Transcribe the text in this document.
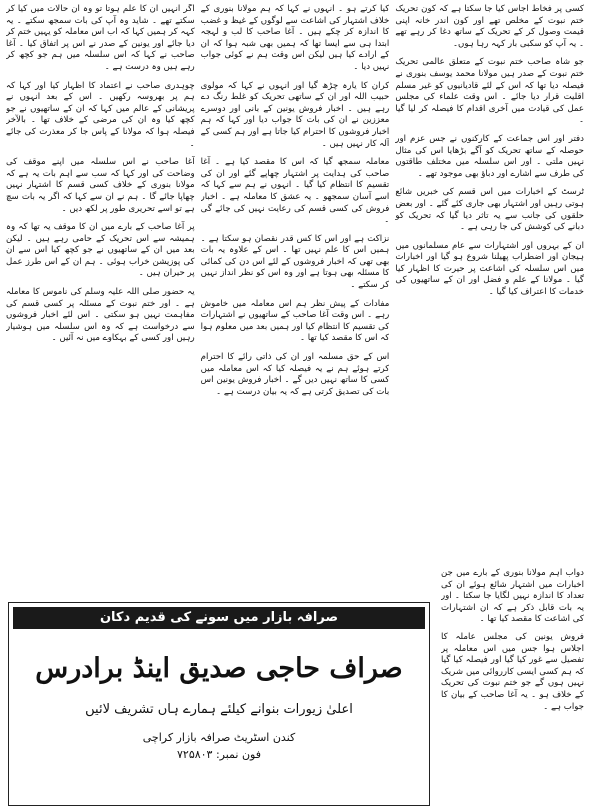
کسی پر فخاط اجاس کیا جا سکتا ہے کہ کون تحریک ختم نبوت کے مخلص تھے اور کون اندر خانہ اپنی قیمت وصول کر کے تحریک کے ساتھ دغا کر رہے تھے ۔ یہ آپ کو سکبی بار کہہ رہا ہوں۔

جو شاہ صاحب ختم نبوت کے متعلق عالمی تحریک ختم نبوت کے صدر ہیں مولانا محمد یوسف بنوری نے فیصلہ دیا تھا کہ اس کے لئے قادیانیوں کو غیر مسلم اقلیت قرار دیا جائے ۔ اس وقت علماء کی مجلس عمل کی قیادت میں آخری اقدام کا فیصلہ کر لیا گیا ۔

دفتر اور اس جماعت کے کارکنوں نے جس عزم اور حوصلہ کے ساتھ تحریک کو آگے بڑھایا اس کی مثال نہیں ملتی ۔ اور اس سلسلہ میں مختلف طاقتوں کی طرف سے اشارے اور دباؤ بھی موجود تھے ۔

ٹرسٹ کے اخبارات میں اس قسم کی خبریں شائع ہوتی رہیں اور اشتہار بھی جاری کئے گئے ۔ اور بعض حلقوں کی جانب سے یہ تاثر دیا گیا کہ تحریک کو دبانے کی کوشش کی جا رہی ہے ۔

ان کے بہروں اور اشتہارات سے عام مسلمانوں میں ہیجان اور اضطراب پھیلنا شروع ہو گیا اور اخبارات میں اس سلسلہ کی اشاعت پر حیرت کا اظہار کیا گیا ۔ مولانا کے علم و فضل اور ان کے ساتھیوں کی خدمات کا اعتراف کیا گیا ۔

کیا کرتے ہو ۔ انہوں نے کہا کہ ہم مولانا بنوری کے خلاف اشتہار کی اشاعت سے لوگوں کے غیظ و غضب کا اندازہ کر چکے ہیں ۔ آغا صاحب کا لب و لہجہ ابتدا ہی سے ایسا تھا کہ ہمیں بھی شبہ ہوا کہ ان کے ارادے کیا ہیں لیکن اس وقت ہم نے کوئی جواب نہیں دیا ۔

کران کا یارہ چڑھ گیا اور انہوں نے کہا کہ مولوی حبیب اللہ اور ان کے ساتھی تحریک کو غلط رنگ دے رہے ہیں ۔ اخبار فروش یونین کے بانی اور دوسرے معززین نے ان کی بات کا جواب دیا اور کہا کہ ہم اخبار فروشوں کا احترام کیا جاتا ہے اور ہم کسی کے آلہ کار نہیں ہیں ۔

معاملہ سمجھ گیا کہ اس کا مقصد کیا ہے ۔ آغا صاحب کی ہدایت پر اشتہار چھاپے گئے اور ان کی تقسیم کا انتظام کیا گیا ۔ انہوں نے ہم سے کہا کہ اسے آسان سمجھو ۔ یہ عشق کا معاملہ ہے ۔ اخبار فروش کی کسی قسم کی رعایت نہیں کی جائے گی ۔

نزاکت ہے اور اس کا کس قدر نقصان ہو سکتا ہے ۔ ہمیں اس کا علم نہیں تھا ۔ اس کے علاوہ یہ بات بھی تھی کہ اخبار فروشوں کے لئے اس دن کی کمائی کا مسئلہ بھی ہوتا ہے اور وہ اس کو نظر انداز نہیں کر سکتے ۔

مفادات کے پیش نظر ہم اس معاملہ میں خاموش رہے ۔ اس وقت آغا صاحب کے ساتھیوں نے اشتہارات کی تقسیم کا انتظام کیا اور ہمیں بعد میں معلوم ہوا کہ اس کا مقصد کیا تھا ۔

اس کے حق مسلمہ اور ان کی ذاتی رائے کا احترام کرتے ہوئے ہم نے یہ فیصلہ کیا کہ اس معاملہ میں کسی کا ساتھ نہیں دیں گے ۔ اخبار فروش یونین اس بات کی تصدیق کرتی ہے کہ یہ بیان درست ہے ۔

اگر انہیں ان کا علم ہوتا تو وہ ان حالات میں کیا کر سکتے تھے ۔ شاید وہ آپ کی بات سمجھ سکتے ۔ یہ کہہ کر ہمیں کہا کہ اب اس معاملہ کو یہیں ختم کر دیا جائے اور یونین کے صدر نے اس پر اتفاق کیا ۔ آغا صاحب نے کہا کہ اس سلسلہ میں ہم جو کچھ کر رہے ہیں وہ درست ہے ۔

چوہدری صاحب نے اعتماد کا اظہار کیا اور کہا کہ ہم پر بھروسہ رکھیں ۔ اس کے بعد انہوں نے پریشانی کے عالم میں کہا کہ ان کے ساتھیوں نے جو کچھ کیا وہ ان کی مرضی کے خلاف تھا ۔ بالآخر فیصلہ ہوا کہ مولانا کے پاس جا کر معذرت کی جائے ۔

آغا صاحب نے اس سلسلہ میں اپنے موقف کی وضاحت کی اور کہا کہ سب سے اہم بات یہ ہے کہ مولانا بنوری کے خلاف کسی قسم کا اشتہار نہیں چھاپا جائے گا ۔ ہم نے ان سے کہا کہ اگر یہ بات سچ ہے تو اسے تحریری طور پر لکھ دیں ۔

پر آغا صاحب کے بارے میں ان کا موقف یہ تھا کہ وہ ہمیشہ سے اس تحریک کے حامی رہے ہیں ۔ لیکن بعد میں ان کے ساتھیوں نے جو کچھ کیا اس سے ان کی پوزیشن خراب ہوئی ۔ ہم ان کے اس طرز عمل پر حیران ہیں ۔

یہ حضور صلی اللہ علیہ وسلم کی ناموس کا معاملہ ہے ۔ اور ختم نبوت کے مسئلہ پر کسی قسم کی مفاہمت نہیں ہو سکتی ۔ اس لئے اخبار فروشوں سے درخواست ہے کہ وہ اس سلسلہ میں ہوشیار رہیں اور کسی کے بہکاوے میں نہ آئیں ۔

دواب اہم مولانا بنوری کے بارے میں جن اخبارات میں اشتہار شائع ہوئے ان کی تعداد کا اندازہ نہیں لگایا جا سکتا ۔ اور یہ بات قابل ذکر ہے کہ ان اشتہارات کی اشاعت کا مقصد کیا تھا ۔

فروش یونین کی مجلس عاملہ کا اجلاس ہوا جس میں اس معاملہ پر تفصیل سے غور کیا گیا اور فیصلہ کیا گیا کہ ہم کسی ایسی کارروائی میں شریک نہیں ہوں گے جو ختم نبوت کی تحریک کے خلاف ہو ۔ یہ آغا صاحب کے بیان کا جواب ہے ۔

صرافہ بازار میں سونے کی قدیم دکان
صراف حاجی صدیق اینڈ برادرس
اعلیٰ زیورات بنوانے کیلئے ہمارے ہاں تشریف لائیں
کندن اسٹریٹ صرافہ بازار کراچی
فون نمبر: ۷۲۵۸۰۳
